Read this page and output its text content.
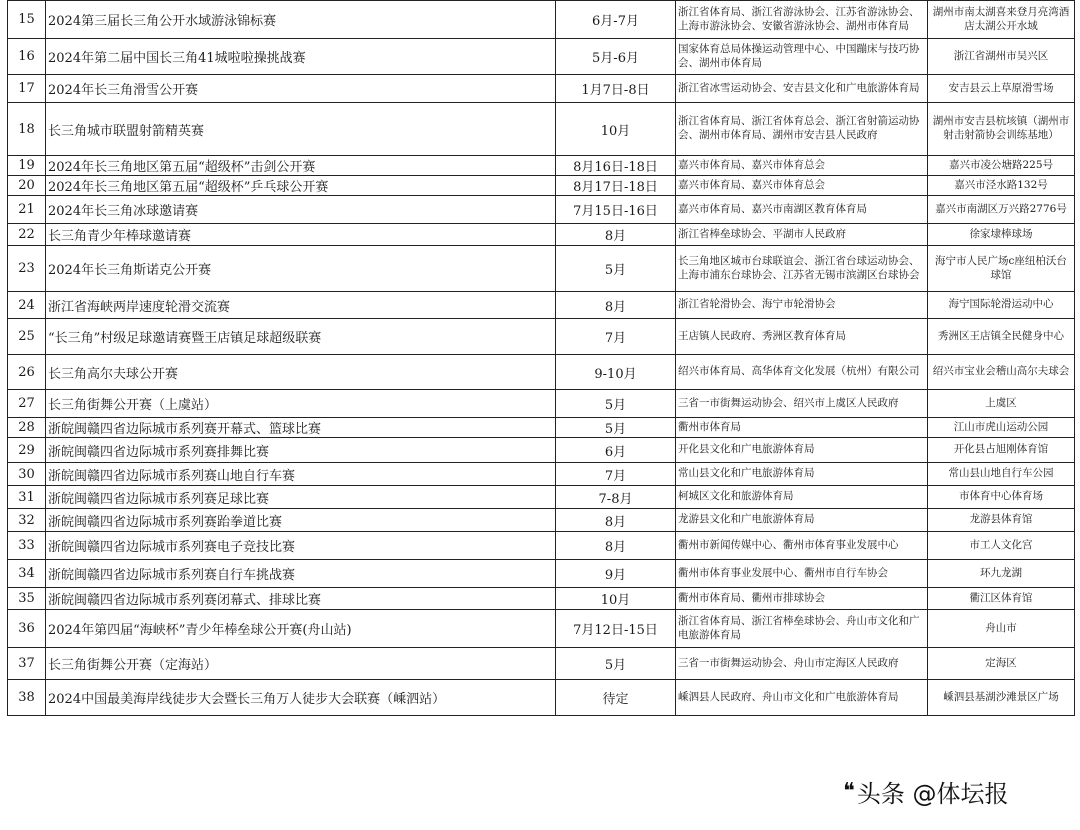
15	2024第三届长三角公开水域游泳锦标赛	6月-7月	浙江省体育局、浙江省游泳协会、江苏省游泳协会、上海市游泳协会、安徽省游泳协会、湖州市体育局	湖州市南太湖喜来登月亮湾酒店太湖公开水域
16	2024年第二届中国长三角41城啦啦操挑战赛	5月-6月	国家体育总局体操运动管理中心、中国蹦床与技巧协会、湖州市体育局	浙江省湖州市吴兴区
17	2024年长三角滑雪公开赛	1月7日-8日	浙江省冰雪运动协会、安吉县文化和广电旅游体育局	安吉县云上草原滑雪场
18	长三角城市联盟射箭精英赛	10月	浙江省体育局、浙江省体育总会、浙江省射箭运动协会、湖州市体育局、湖州市安吉县人民政府	湖州市安吉县杭垓镇（湖州市射击射箭协会训练基地）
19	2024年长三角地区第五届“超级杯”击剑公开赛	8月16日-18日	嘉兴市体育局、嘉兴市体育总会	嘉兴市凌公塘路225号
20	2024年长三角地区第五届“超级杯”乒乓球公开赛	8月17日-18日	嘉兴市体育局、嘉兴市体育总会	嘉兴市泾水路132号
21	2024年长三角冰球邀请赛	7月15日-16日	嘉兴市体育局、嘉兴市南湖区教育体育局	嘉兴市南湖区万兴路2776号
22	长三角青少年棒球邀请赛	8月	浙江省棒垒球协会、平湖市人民政府	徐家埭棒球场
23	2024年长三角斯诺克公开赛	5月	长三角地区城市台球联谊会、浙江省台球运动协会、上海市浦东台球协会、江苏省无锡市滨湖区台球协会	海宁市人民广场c座纽柏沃台球馆
24	浙江省海峡两岸速度轮滑交流赛	8月	浙江省轮滑协会、海宁市轮滑协会	海宁国际轮滑运动中心
25	“长三角”村级足球邀请赛暨王店镇足球超级联赛	7月	王店镇人民政府、秀洲区教育体育局	秀洲区王店镇全民健身中心
26	长三角高尔夫球公开赛	9-10月	绍兴市体育局、高华体育文化发展（杭州）有限公司	绍兴市宝业会稽山高尔夫球会
27	长三角街舞公开赛（上虞站）	5月	三省一市街舞运动协会、绍兴市上虞区人民政府	上虞区
28	浙皖闽赣四省边际城市系列赛开幕式、篮球比赛	5月	衢州市体育局	江山市虎山运动公园
29	浙皖闽赣四省边际城市系列赛排舞比赛	6月	开化县文化和广电旅游体育局	开化县占旭刚体育馆
30	浙皖闽赣四省边际城市系列赛山地自行车赛	7月	常山县文化和广电旅游体育局	常山县山地自行车公园
31	浙皖闽赣四省边际城市系列赛足球比赛	7-8月	柯城区文化和旅游体育局	市体育中心体育场
32	浙皖闽赣四省边际城市系列赛跆拳道比赛	8月	龙游县文化和广电旅游体育局	龙游县体育馆
33	浙皖闽赣四省边际城市系列赛电子竞技比赛	8月	衢州市新闻传媒中心、衢州市体育事业发展中心	市工人文化宫
34	浙皖闽赣四省边际城市系列赛自行车挑战赛	9月	衢州市体育事业发展中心、衢州市自行车协会	环九龙湖
35	浙皖闽赣四省边际城市系列赛闭幕式、排球比赛	10月	衢州市体育局、衢州市排球协会	衢江区体育馆
36	2024年第四届“海峡杯”青少年棒垒球公开赛(舟山站)	7月12日-15日	浙江省体育局、浙江省棒垒球协会、舟山市文化和广电旅游体育局	舟山市
37	长三角街舞公开赛（定海站）	5月	三省一市街舞运动协会、舟山市定海区人民政府	定海区
38	2024中国最美海岸线徒步大会暨长三角万人徒步大会联赛（嵊泗站）	待定	嵊泗县人民政府、舟山市文化和广电旅游体育局	嵊泗县基湖沙滩景区广场
❝ 头条 @体坛报
